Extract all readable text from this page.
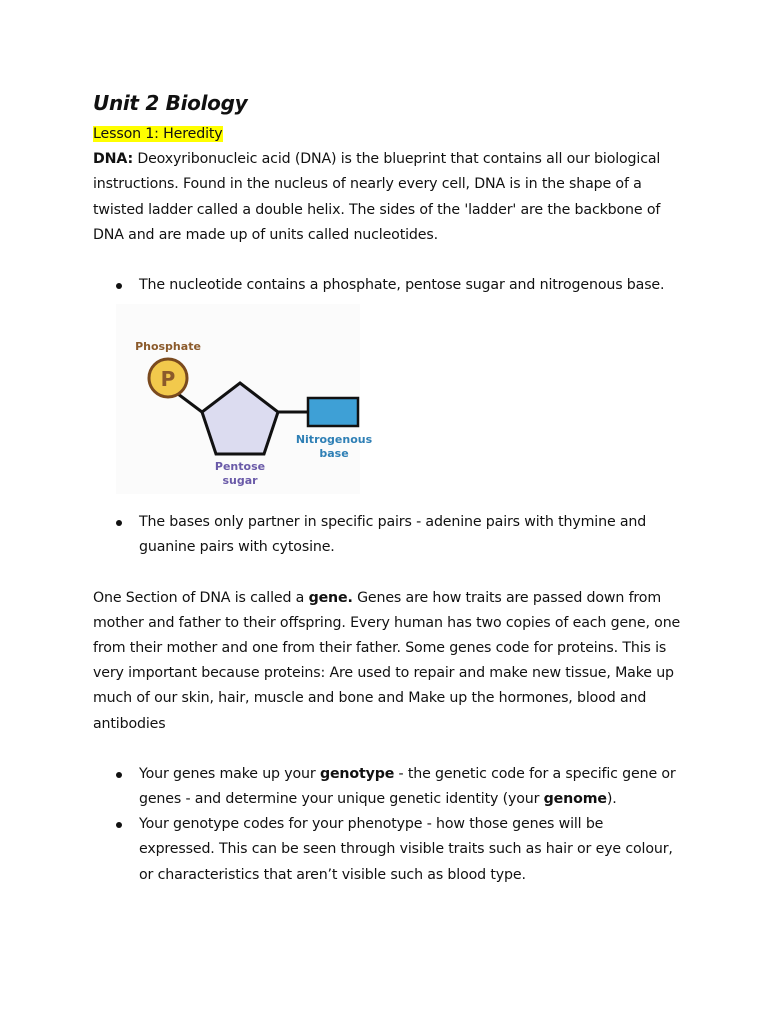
Unit 2 Biology

Lesson 1: Heredity

DNA: Deoxyribonucleic acid (DNA) is the blueprint that contains all our biological instructions. Found in the nucleus of nearly every cell, DNA is in the shape of a twisted ladder called a double helix. The sides of the 'ladder' are the backbone of DNA and are made up of units called nucleotides.

The nucleotide contains a phosphate, pentose sugar and nitrogenous base.
P
Phosphate
Nitrogenous
base
Pentose
sugar
The bases only partner in specific pairs - adenine pairs with thymine and guanine pairs with cytosine.

One Section of DNA is called a gene. Genes are how traits are passed down from mother and father to their offspring. Every human has two copies of each gene, one from their mother and one from their father. Some genes code for proteins. This is very important because proteins: Are used to repair and make new tissue, Make up much of our skin, hair, muscle and bone and Make up the hormones, blood and antibodies

Your genes make up your genotype - the genetic code for a specific gene or genes - and determine your unique genetic identity (your genome).
Your genotype codes for your phenotype - how those genes will be expressed. This can be seen through visible traits such as hair or eye colour, or characteristics that aren’t visible such as blood type.
